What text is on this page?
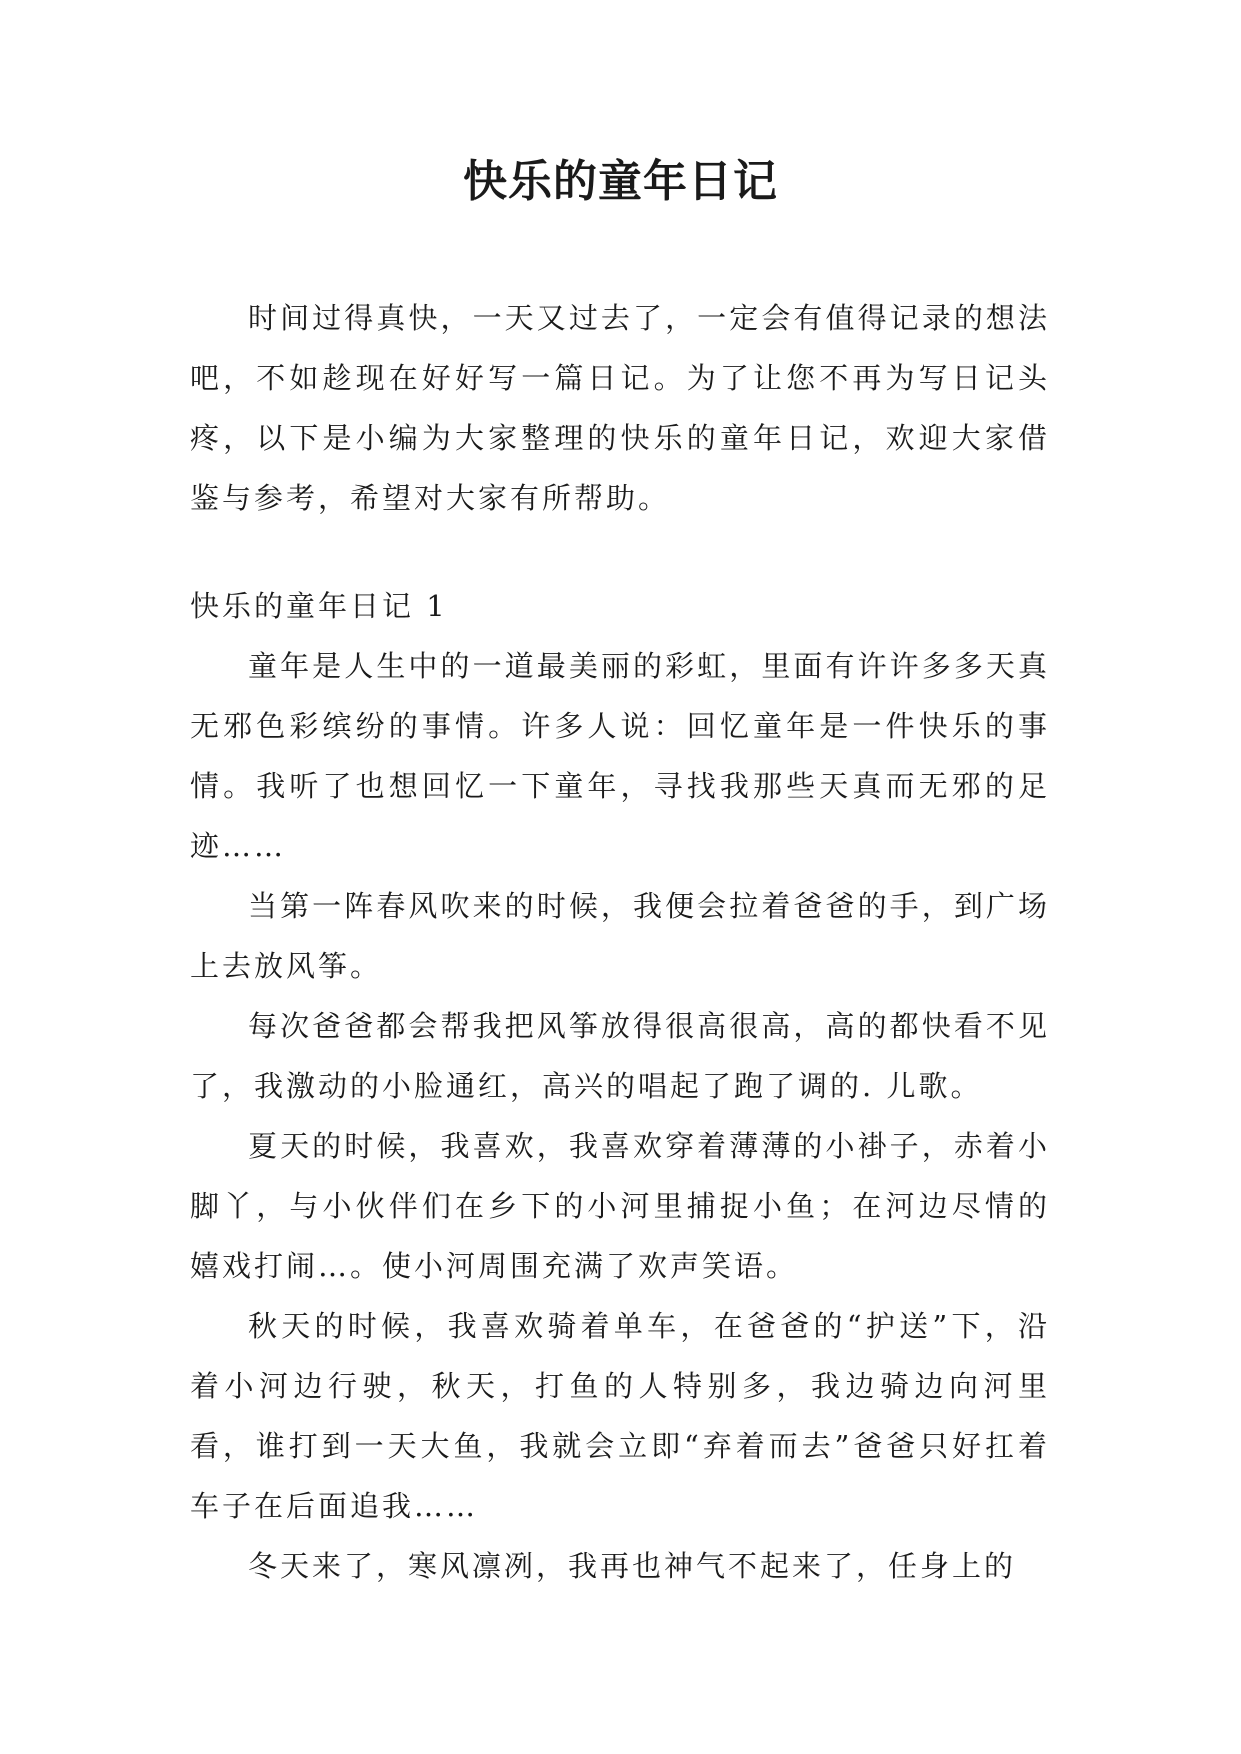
快乐的童年日记

时间过得真快，一天又过去了，一定会有值得记录的想法吧，不如趁现在好好写一篇日记。为了让您不再为写日记头疼，以下是小编为大家整理的快乐的童年日记，欢迎大家借鉴与参考，希望对大家有所帮助。

快乐的童年日记 1

童年是人生中的一道最美丽的彩虹，里面有许许多多天真无邪色彩缤纷的事情。许多人说：回忆童年是一件快乐的事情。我听了也想回忆一下童年，寻找我那些天真而无邪的足迹……

当第一阵春风吹来的时候，我便会拉着爸爸的手，到广场上去放风筝。

每次爸爸都会帮我把风筝放得很高很高，高的都快看不见了，我激动的小脸通红，高兴的唱起了跑了调的. 儿歌。

夏天的时候，我喜欢，我喜欢穿着薄薄的小褂子，赤着小脚丫，与小伙伴们在乡下的小河里捕捉小鱼；在河边尽情的嬉戏打闹…。使小河周围充满了欢声笑语。

秋天的时候，我喜欢骑着单车，在爸爸的“护送”下，沿着小河边行驶，秋天，打鱼的人特别多，我边骑边向河里看，谁打到一天大鱼，我就会立即“弃着而去”爸爸只好扛着车子在后面追我……

冬天来了，寒风凛冽，我再也神气不起来了，任身上的
